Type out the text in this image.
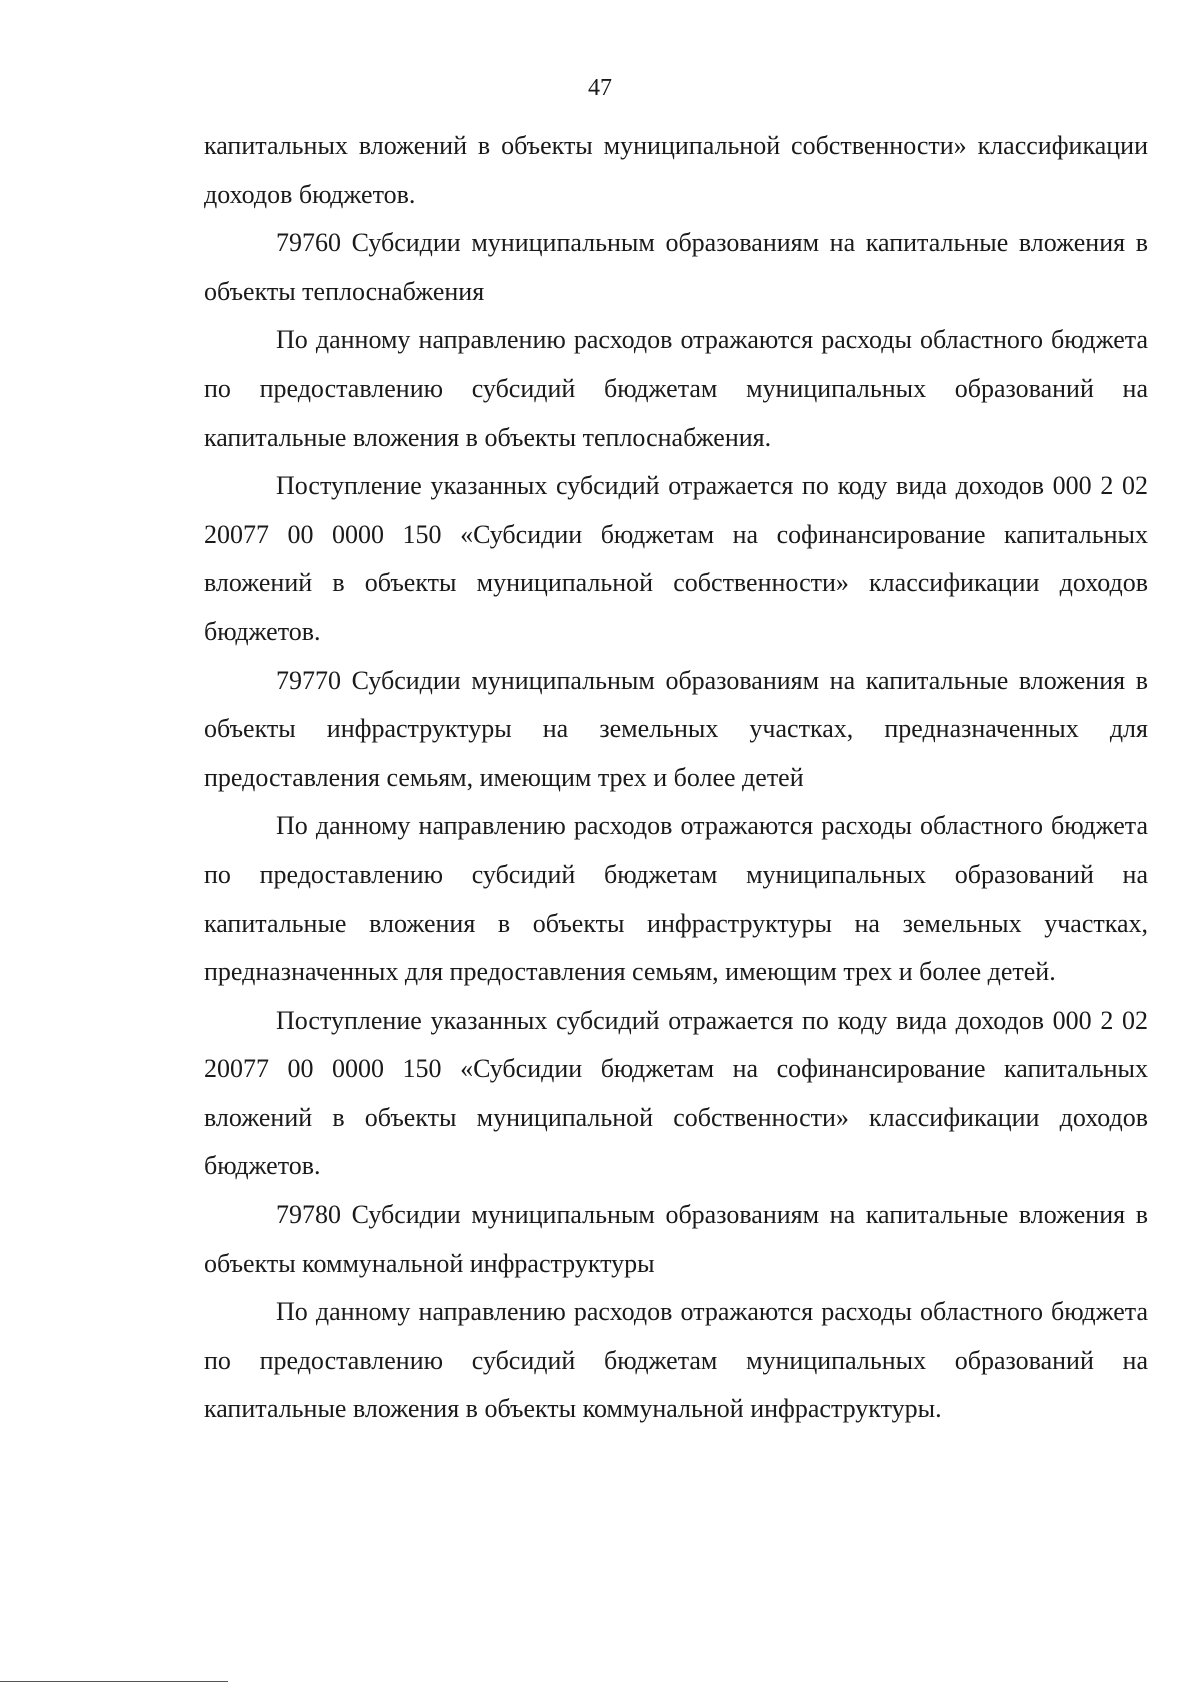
47

капитальных вложений в объекты муниципальной собственности» классификации доходов бюджетов.

79760 Субсидии муниципальным образованиям на капитальные вложения в объекты теплоснабжения

По данному направлению расходов отражаются расходы областного бюджета по предоставлению субсидий бюджетам муниципальных образований на капитальные вложения в объекты теплоснабжения.

Поступление указанных субсидий отражается по коду вида доходов 000 2 02 20077 00 0000 150 «Субсидии бюджетам на софинансирование капитальных вложений в объекты муниципальной собственности» классификации доходов бюджетов.

79770 Субсидии муниципальным образованиям на капитальные вложения в объекты инфраструктуры на земельных участках, предназначенных для предоставления семьям, имеющим трех и более детей

По данному направлению расходов отражаются расходы областного бюджета по предоставлению субсидий бюджетам муниципальных образований на капитальные вложения в объекты инфраструктуры на земельных участках, предназначенных для предоставления семьям, имеющим трех и более детей.

Поступление указанных субсидий отражается по коду вида доходов 000 2 02 20077 00 0000 150 «Субсидии бюджетам на софинансирование капитальных вложений в объекты муниципальной собственности» классификации доходов бюджетов.

79780 Субсидии муниципальным образованиям на капитальные вложения в объекты коммунальной инфраструктуры

По данному направлению расходов отражаются расходы областного бюджета по предоставлению субсидий бюджетам муниципальных образований на капитальные вложения в объекты коммунальной инфраструктуры.
